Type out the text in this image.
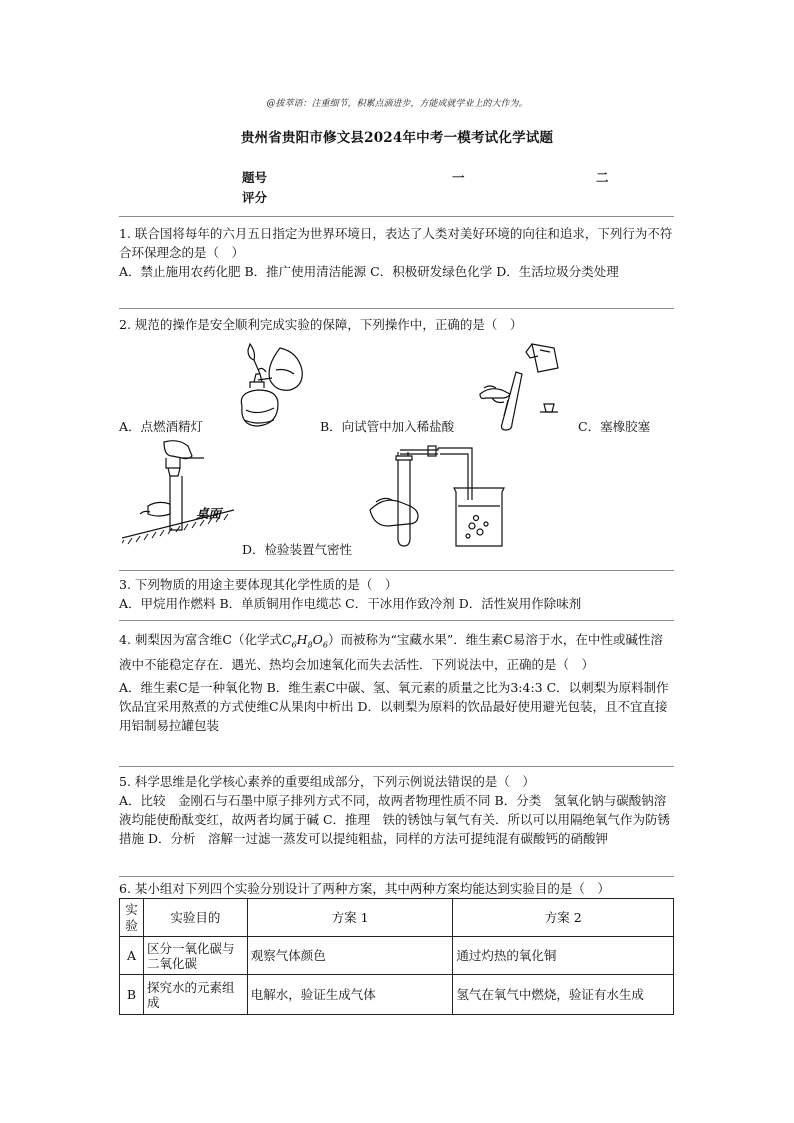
@拔萃语：注重细节，积累点滴进步，方能成就学业上的大作为。
贵州省贵阳市修文县2024年中考一模考试化学试题
题号	一	二
评分

1. 联合国将每年的六月五日指定为世界环境日，表达了人类对美好环境的向往和追求，下列行为不符合环保理念的是（　）

A．禁止施用农药化肥 B．推广使用清洁能源 C．积极研发绿色化学 D．生活垃圾分类处理

2. 规范的操作是安全顺利完成实验的保障，下列操作中，正确的是（　）
A．点燃酒精灯	B．向试管中加入稀盐酸	C．塞橡胶塞
桌面
D．检验装置气密性

3. 下列物质的用途主要体现其化学性质的是（　）

A．甲烷用作燃料 B．单质铜用作电缆芯 C．干冰用作致冷剂 D．活性炭用作除味剂

4. 刺梨因为富含维C（化学式$C_6H_8O_6$）而被称为“宝藏水果”．维生素C易溶于水，在中性或碱性溶液中不能稳定存在．遇光、热均会加速氧化而失去活性．下列说法中，正确的是（　）

A．维生素C是一种氧化物 B．维生素C中碳、氢、氧元素的质量之比为3:4:3 C．以刺梨为原料制作饮品宜采用熬煮的方式使维C从果肉中析出 D．以刺梨为原料的饮品最好使用避光包装，且不宜直接用铝制易拉罐包装

5. 科学思维是化学核心素养的重要组成部分，下列示例说法错误的是（　）

A．比较　金刚石与石墨中原子排列方式不同，故两者物理性质不同 B．分类　氢氧化钠与碳酸钠溶液均能使酚酞变红，故两者均属于碱 C．推理　铁的锈蚀与氧气有关．所以可以用隔绝氧气作为防锈措施 D．分析　溶解一过滤一蒸发可以提纯粗盐，同样的方法可提纯混有碳酸钙的硝酸钾

6. 某小组对下列四个实验分别设计了两种方案，其中两种方案均能达到实验目的是（　）
实验	实验目的	方案 1	方案 2
A	区分一氧化碳与二氧化碳	观察气体颜色	通过灼热的氧化铜
B	探究水的元素组成	电解水，验证生成气体	氢气在氧气中燃烧，验证有水生成
